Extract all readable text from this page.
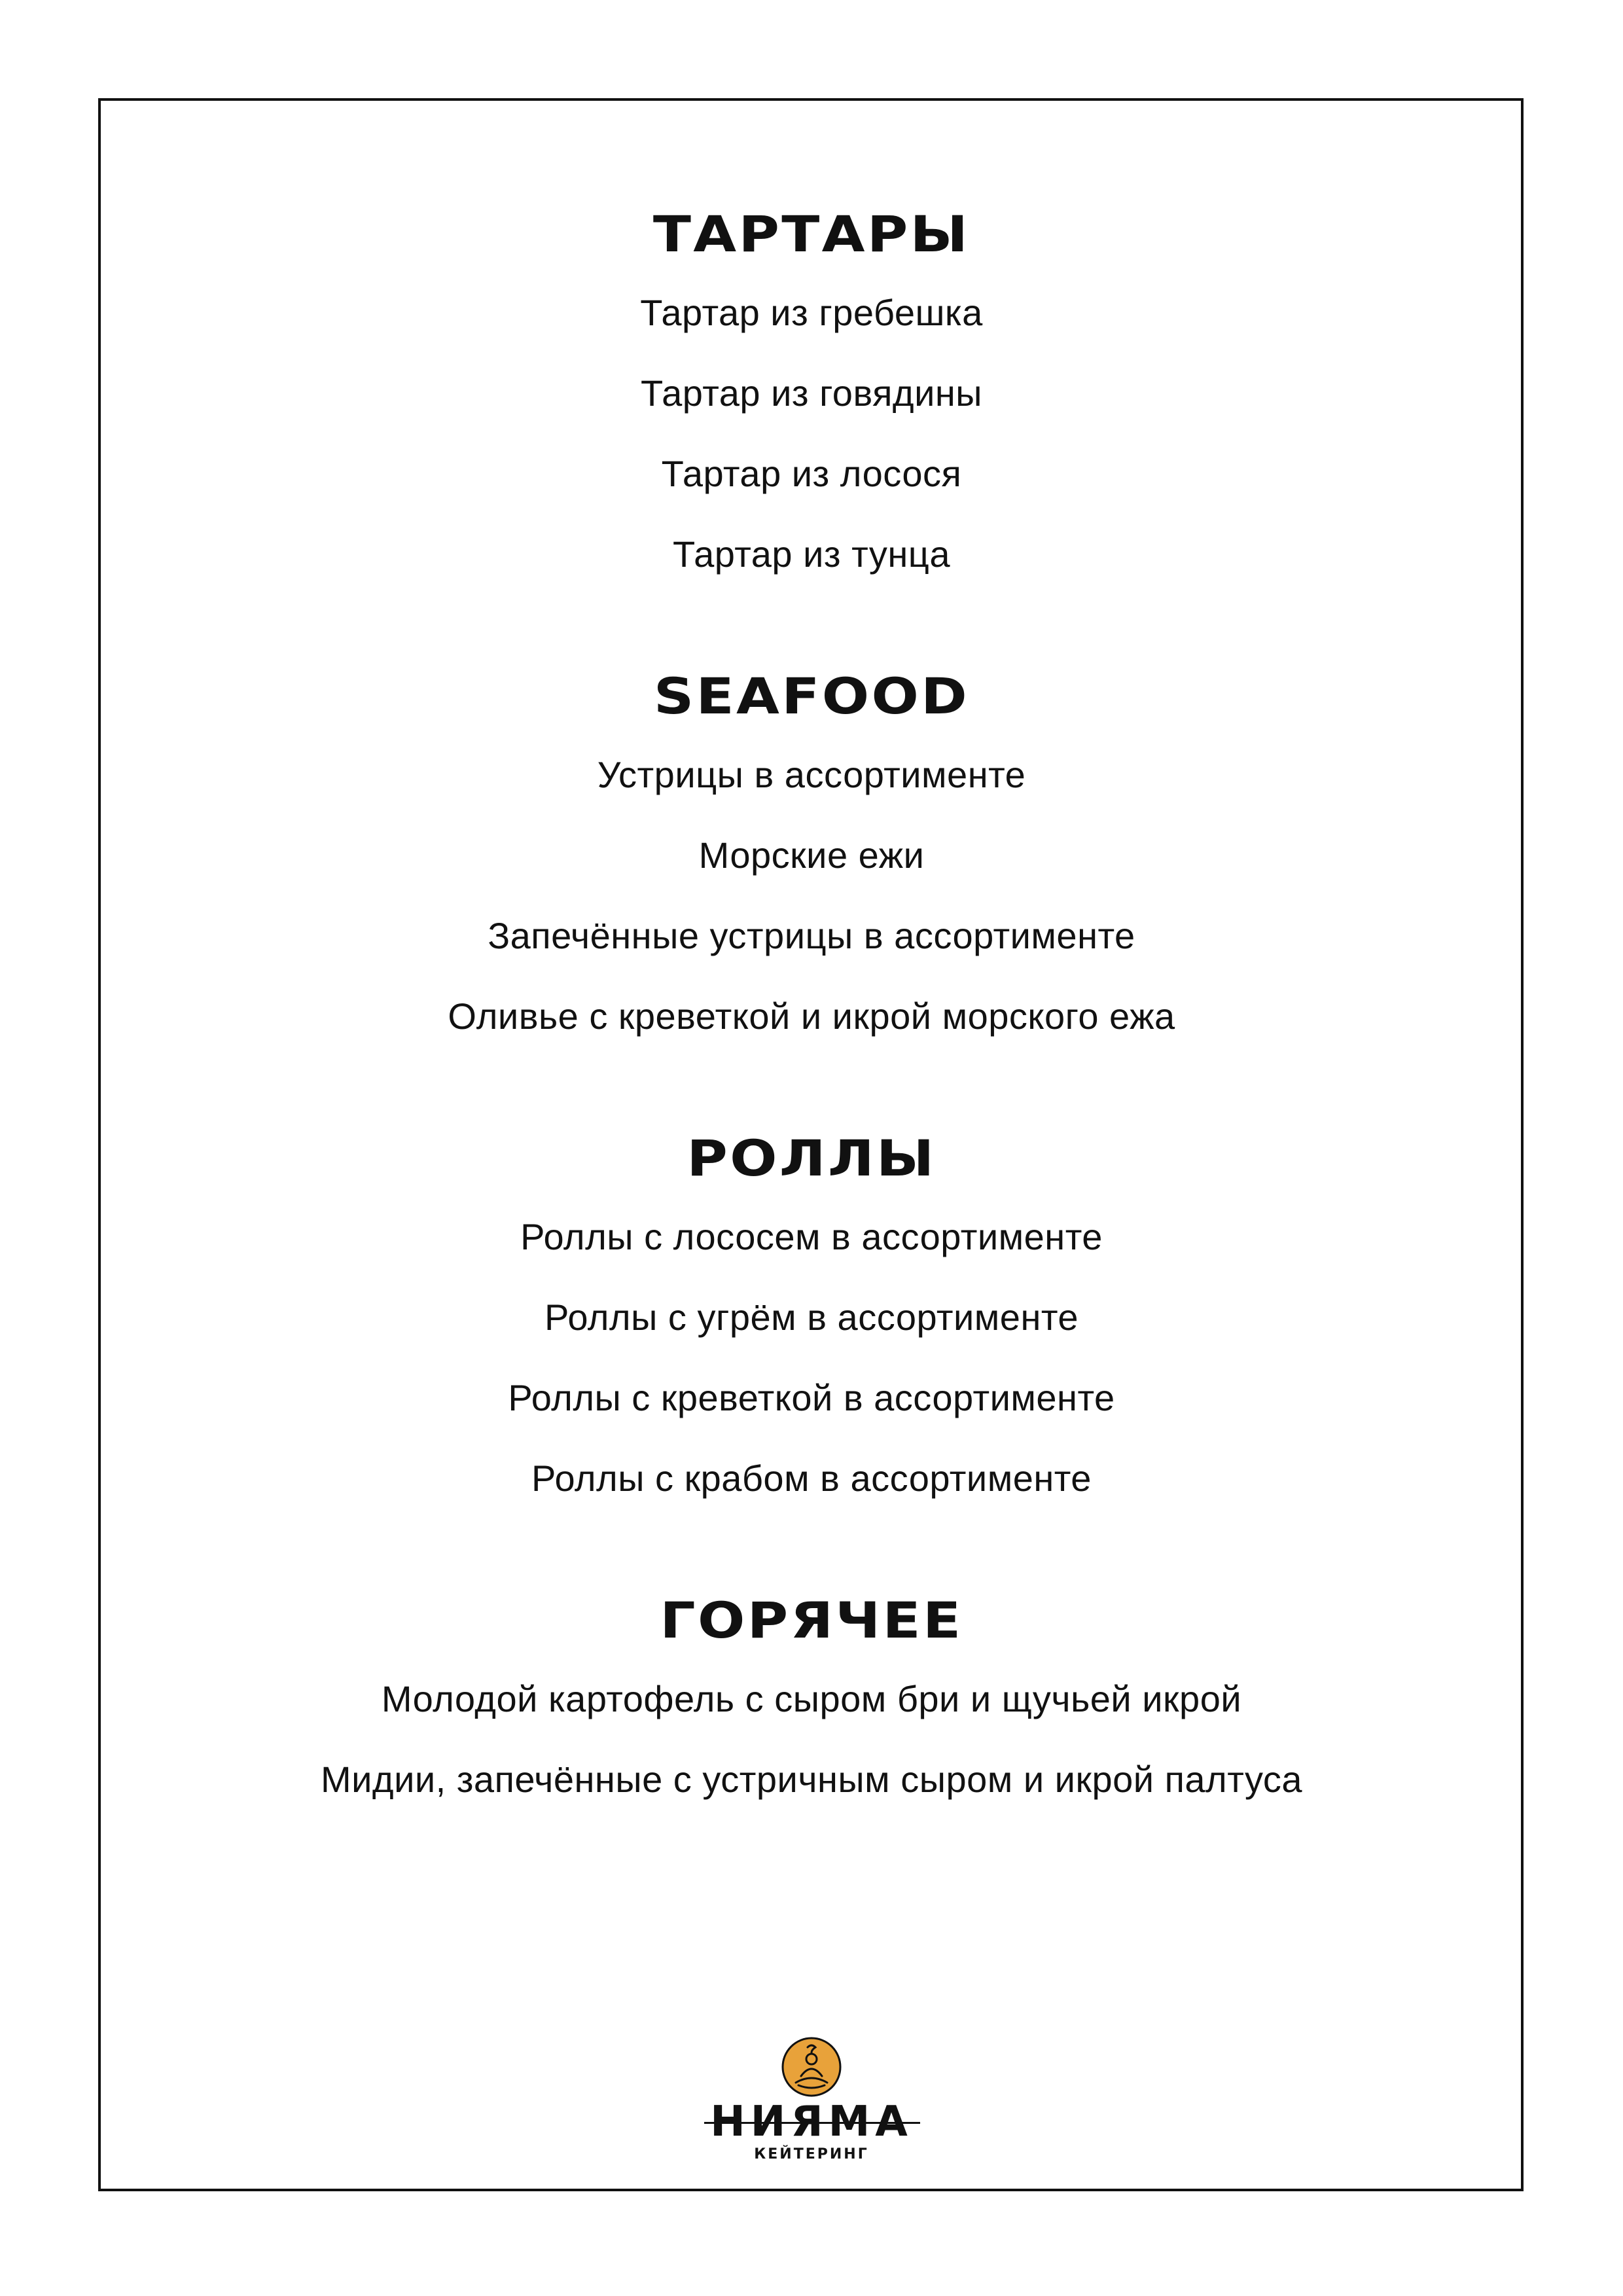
ТАРТАРЫ
Тартар из гребешка
Тартар из говядины
Тартар из лосося
Тартар из тунца
SEAFOOD
Устрицы в ассортименте
Морские ежи
Запечённые устрицы в ассортименте
Оливье с креветкой и икрой морского ежа
РОЛЛЫ
Роллы с лососем в ассортименте
Роллы с угрём в ассортименте
Роллы с креветкой в ассортименте
Роллы с крабом в ассортименте
ГОРЯЧЕЕ
Молодой картофель с сыром бри и щучьей икрой
Мидии, запечённые с устричным сыром и икрой палтуса
НИЯМА
КЕЙТЕРИНГ
